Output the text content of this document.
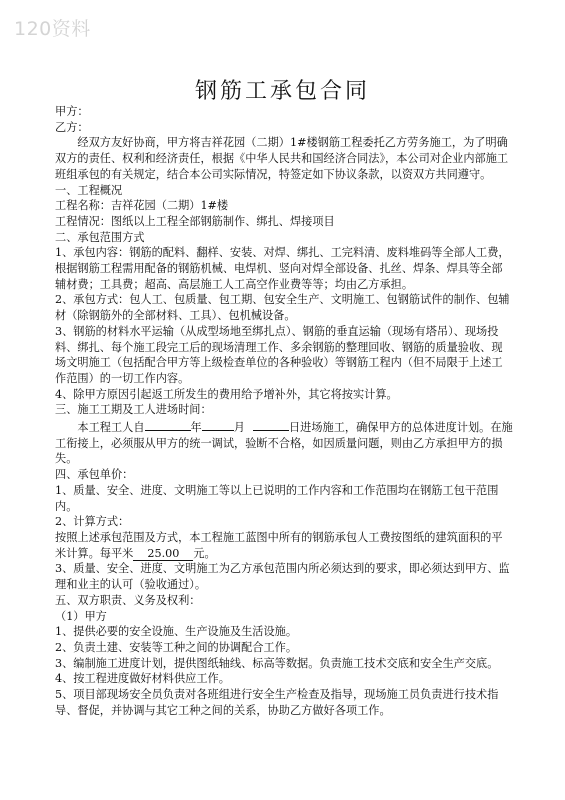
120资料
钢筋工承包合同

甲方：

乙方：

经双方友好协商，甲方将吉祥花园（二期）1#楼钢筋工程委托乙方劳务施工，为了明确双方的责任、权利和经济责任，根据《中华人民共和国经济合同法》，本公司对企业内部施工班组承包的有关规定，结合本公司实际情况，特签定如下协议条款，以资双方共同遵守。

一、工程概况

工程名称：吉祥花园（二期）1#楼

工程情况：图纸以上工程全部钢筋制作、绑扎、焊接项目

二、承包范围方式

1、承包内容：钢筋的配料、翻样、安装、对焊、绑扎、工完料清、废料堆码等全部人工费，根据钢筋工程需用配备的钢筋机械、电焊机、竖向对焊全部设备、扎丝、焊条、焊具等全部辅材费；工具费；超高、高层施工人工高空作业费等等；均由乙方承担。

2、承包方式：包人工、包质量、包工期、包安全生产、文明施工、包钢筋试件的制作、包辅材（除钢筋外的全部材料、工具）、包机械设备。

3、钢筋的材料水平运输（从成型场地至绑扎点）、钢筋的垂直运输（现场有塔吊）、现场投料、绑扎、每个施工段完工后的现场清理工作、多余钢筋的整理回收、钢筋的质量验收、现场文明施工（包括配合甲方等上级检查单位的各种验收）等钢筋工程内（但不局限于上述工作范围）的一切工作内容。

4、除甲方原因引起返工所发生的费用给予增补外，其它将按实计算。

三、施工工期及工人进场时间：

本工程工人自	年	月	日进场施工，确保甲方的总体进度计划。在施工衔接上，必须服从甲方的统一调试，验断不合格，如因质量问题，则由乙方承担甲方的损失。

四、承包单价：

1、质量、安全、进度、文明施工等以上已说明的工作内容和工作范围均在钢筋工包干范围内。

2、计算方式：

按照上述承包范围及方式，本工程施工蓝图中所有的钢筋承包人工费按图纸的建筑面积的平米计算。每平米 25.00 元。

3、质量、安全、进度、文明施工为乙方承包范围内所必须达到的要求，即必须达到甲方、监理和业主的认可（验收通过）。

五、双方职责、义务及权利：

（1）甲方

1、提供必要的安全设施、生产设施及生活设施。

2、负责土建、安装等工种之间的协调配合工作。

3、编制施工进度计划，提供图纸轴线、标高等数据。负责施工技术交底和安全生产交底。

4、按工程进度做好材料供应工作。

5、项目部现场安全员负责对各班组进行安全生产检查及指导，现场施工员负责进行技术指导、督促，并协调与其它工种之间的关系，协助乙方做好各项工作。
